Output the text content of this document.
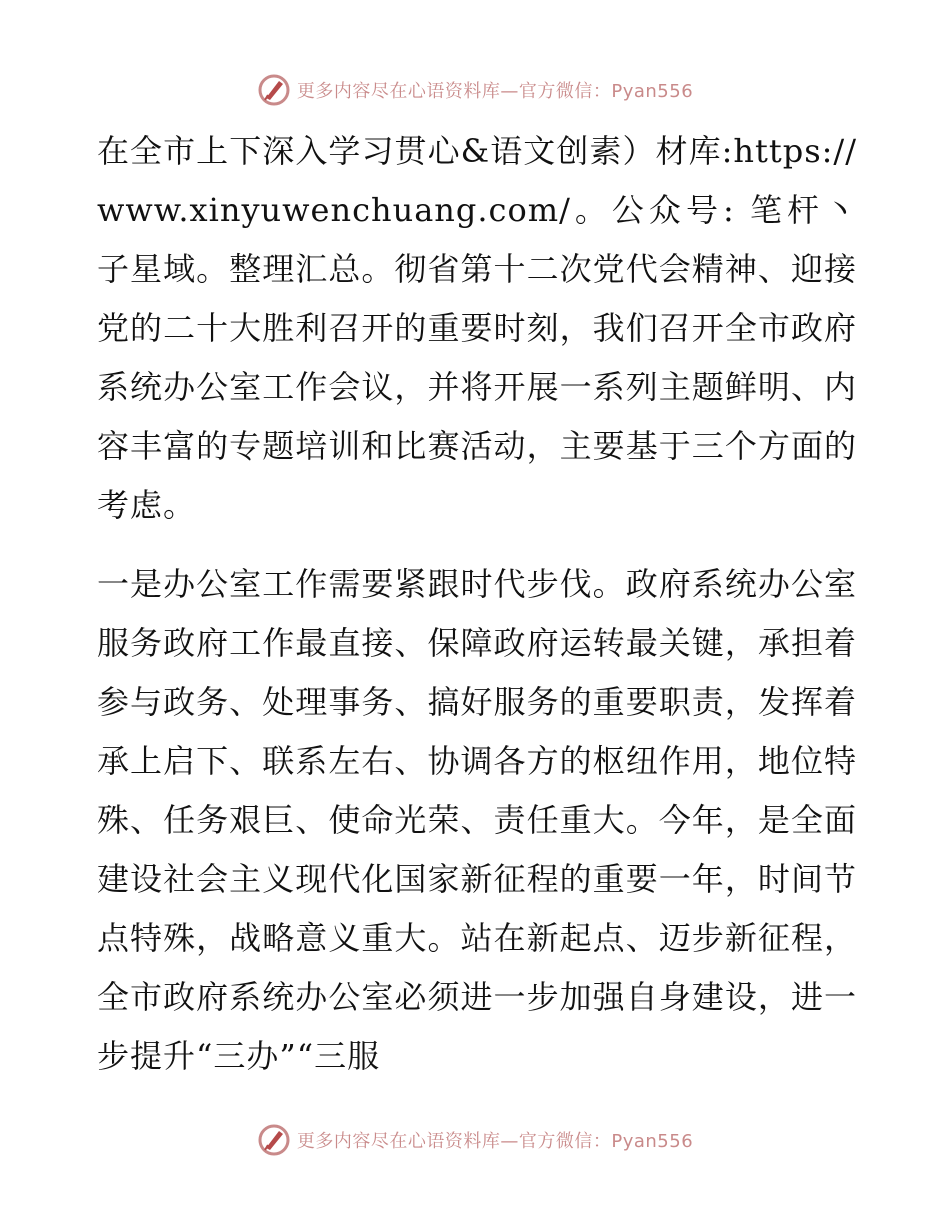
更多内容尽在心语资料库—官方微信：Pyan556

在全市上下深入学习贯心&语文创素）材库:https://www.xinyuwenchuang.com/。公众号: 笔杆丶子星域。整理汇总。彻省第十二次党代会精神、迎接党的二十大胜利召开的重要时刻，我们召开全市政府系统办公室工作会议，并将开展一系列主题鲜明、内容丰富的专题培训和比赛活动，主要基于三个方面的考虑。

一是办公室工作需要紧跟时代步伐。政府系统办公室服务政府工作最直接、保障政府运转最关键，承担着参与政务、处理事务、搞好服务的重要职责，发挥着承上启下、联系左右、协调各方的枢纽作用，地位特殊、任务艰巨、使命光荣、责任重大。今年，是全面建设社会主义现代化国家新征程的重要一年，时间节点特殊，战略意义重大。站在新起点、迈步新征程，全市政府系统办公室必须进一步加强自身建设，进一步提升“三办”“三服

更多内容尽在心语资料库—官方微信：Pyan556
